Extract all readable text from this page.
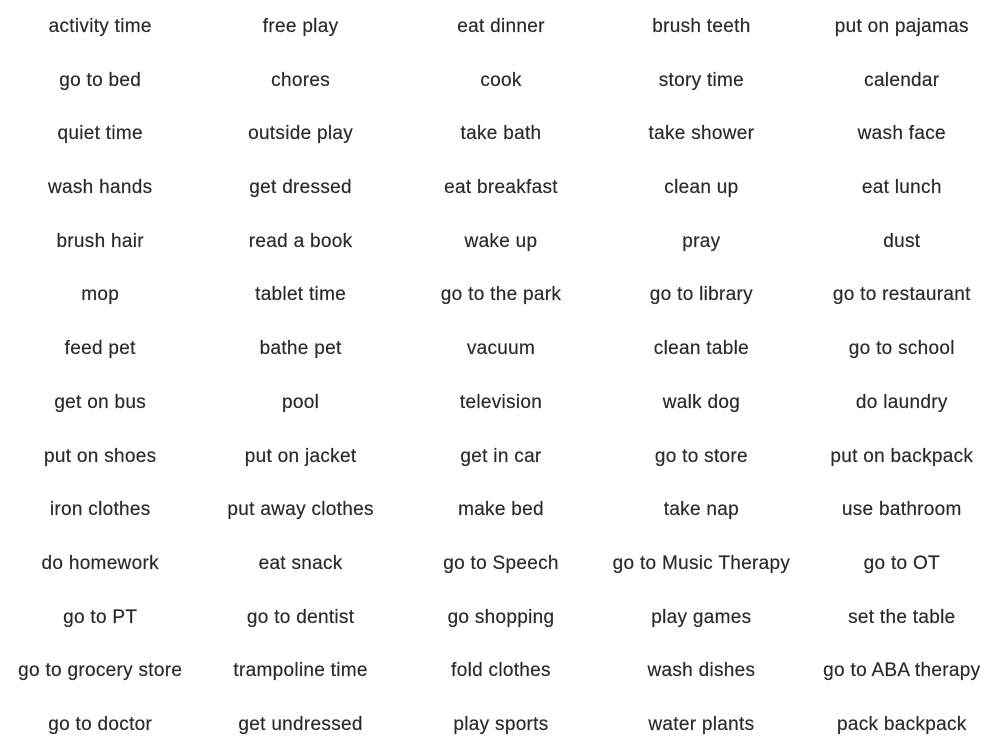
activity time	free play	eat dinner	brush teeth	put on pajamas
go to bed	chores	cook	story time	calendar
quiet time	outside play	take bath	take shower	wash face
wash hands	get dressed	eat breakfast	clean up	eat lunch
brush hair	read a book	wake up	pray	dust
mop	tablet time	go to the park	go to library	go to restaurant
feed pet	bathe pet	vacuum	clean table	go to school
get on bus	pool	television	walk dog	do laundry
put on shoes	put on jacket	get in car	go to store	put on backpack
iron clothes	put away clothes	make bed	take nap	use bathroom
do homework	eat snack	go to Speech	go to Music Therapy	go to OT
go to PT	go to dentist	go shopping	play games	set the table
go to grocery store	trampoline time	fold clothes	wash dishes	go to ABA therapy
go to doctor	get undressed	play sports	water plants	pack backpack
